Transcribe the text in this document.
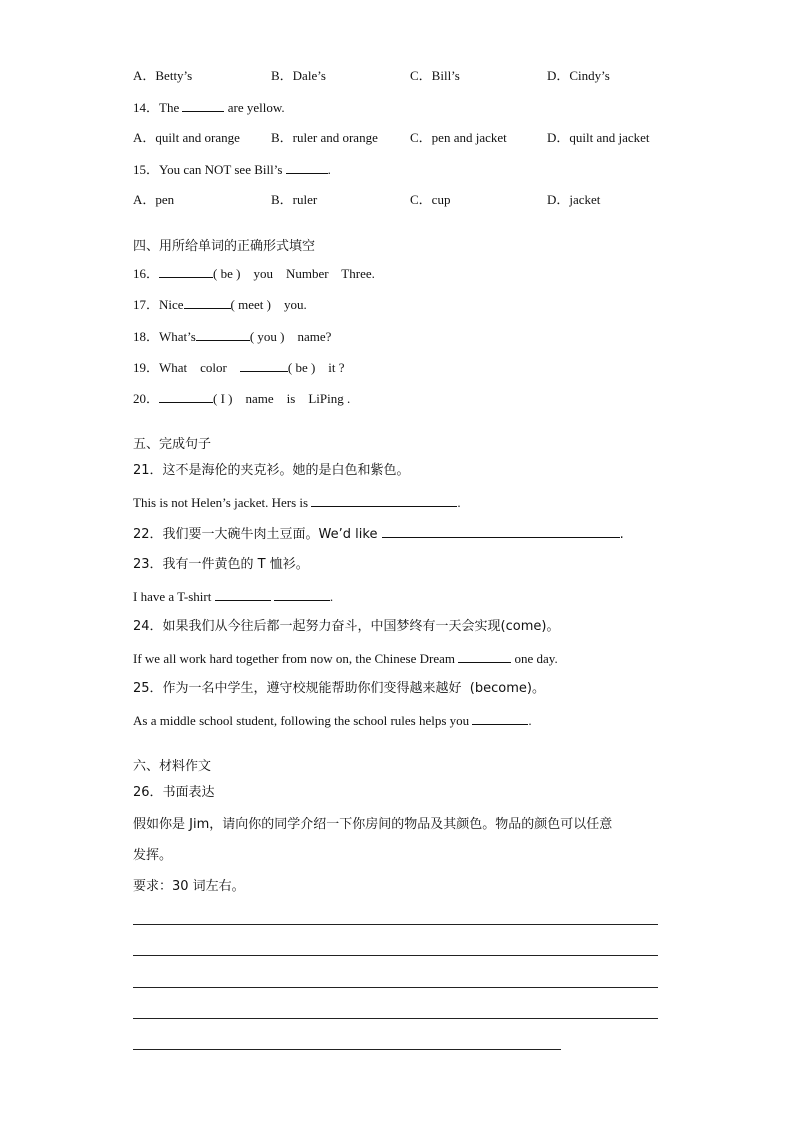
A．Betty’s	B．Dale’s	C．Bill’s	D．Cindy’s
14．The	are yellow.
A．quilt and orange B．ruler and orange C．pen and jacket	D．quilt and jacket
15．You can NOT see Bill’s	.
A．pen	B．ruler	C．cup	D．jacket
四、用所给单词的正确形式填空
16．	( be )    you    Number    Three.
17．Nice	( meet )    you.
18．What’s	( you )    name?
19．What    color	( be )    it ?
20．	( I )    name    is    LiPing .
五、完成句子
21．这不是海伦的夹克衫。她的是白色和紫色。
This is not Helen’s jacket. Hers is	.
22．我们要一大碗牛肉土豆面。We’d like	.
23．我有一件黄色的 T 恤衫。
I have a T-shirt	.
24．如果我们从今往后都一起努力奋斗，中国梦终有一天会实现(come)。
If we all work hard together from now on, the Chinese Dream	one day.
25．作为一名中学生，遵守校规能帮助你们变得越来越好  (become)。
As a middle school student, following the school rules helps you	.
六、材料作文
26．书面表达
假如你是 Jim，请向你的同学介绍一下你房间的物品及其颜色。物品的颜色可以任意
发挥。
要求：30 词左右。
